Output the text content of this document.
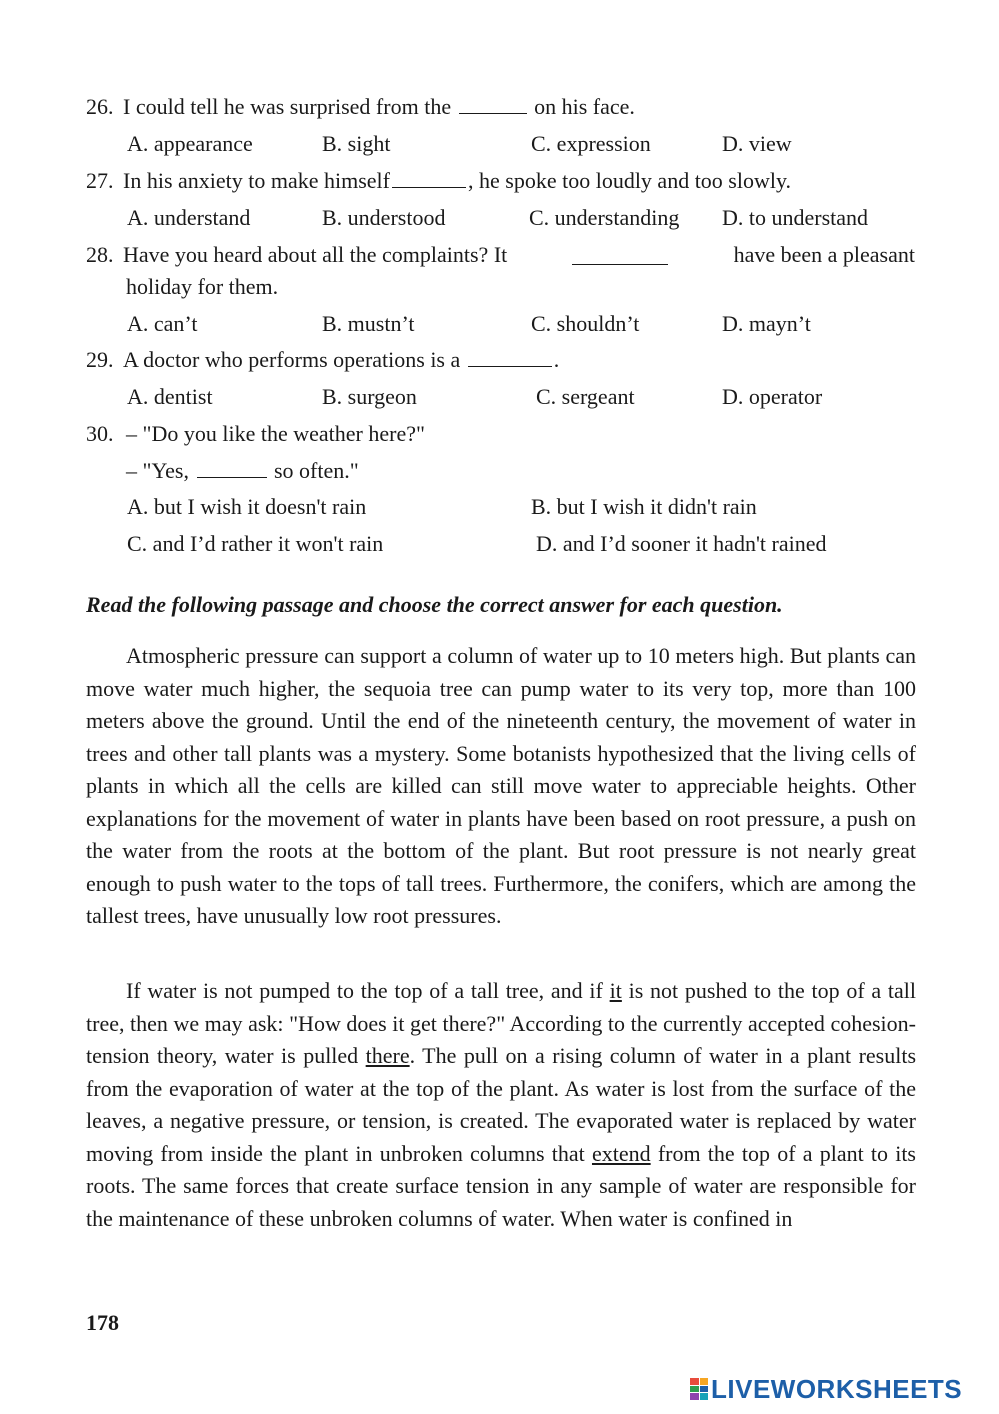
26. I could tell he was surprised from the	on his face.
A. appearance	B. sight	C. expression	D. view
27. In his anxiety to make himself	, he spoke too loudly and too slowly.
A. understand	B. understood	C. understanding D. to understand
28. Have you heard about all the complaints? It	have been a pleasant
holiday for them.
A. can’t	B. mustn’t	C. shouldn’t	D. mayn’t
29. A doctor who performs operations is a	.
A. dentist	B. surgeon	C. sergeant	D. operator
30. – "Do you like the weather here?"
– "Yes,	so often."
A. but I wish it doesn't rain	B. but I wish it didn't rain
C. and I’d rather it won't rain	D. and I’d sooner it hadn't rained
Read the following passage and choose the correct answer for each question.
Atmospheric pressure can support a column of water up to 10 meters high. But plants can move water much higher, the sequoia tree can pump water to its very top, more than 100 meters above the ground. Until the end of the nineteenth century, the movement of water in trees and other tall plants was a mystery. Some botanists hypothesized that the living cells of plants in which all the cells are killed can still move water to appreciable heights. Other explanations for the movement of water in plants have been based on root pressure, a push on the water from the roots at the bottom of the plant. But root pressure is not nearly great enough to push water to the tops of tall trees. Furthermore, the conifers, which are among the tallest trees, have unusually low root pressures.
If water is not pumped to the top of a tall tree, and if it is not pushed to the top of a tall tree, then we may ask: "How does it get there?" According to the currently accepted cohesion-tension theory, water is pulled there. The pull on a rising column of water in a plant results from the evaporation of water at the top of the plant. As water is lost from the surface of the leaves, a negative pressure, or tension, is created. The evaporated water is replaced by water moving from inside the plant in unbroken columns that extend from the top of a plant to its roots. The same forces that create surface tension in any sample of water are responsible for the maintenance of these unbroken columns of water. When water is confined in
178
LIVEWORKSHEETS
